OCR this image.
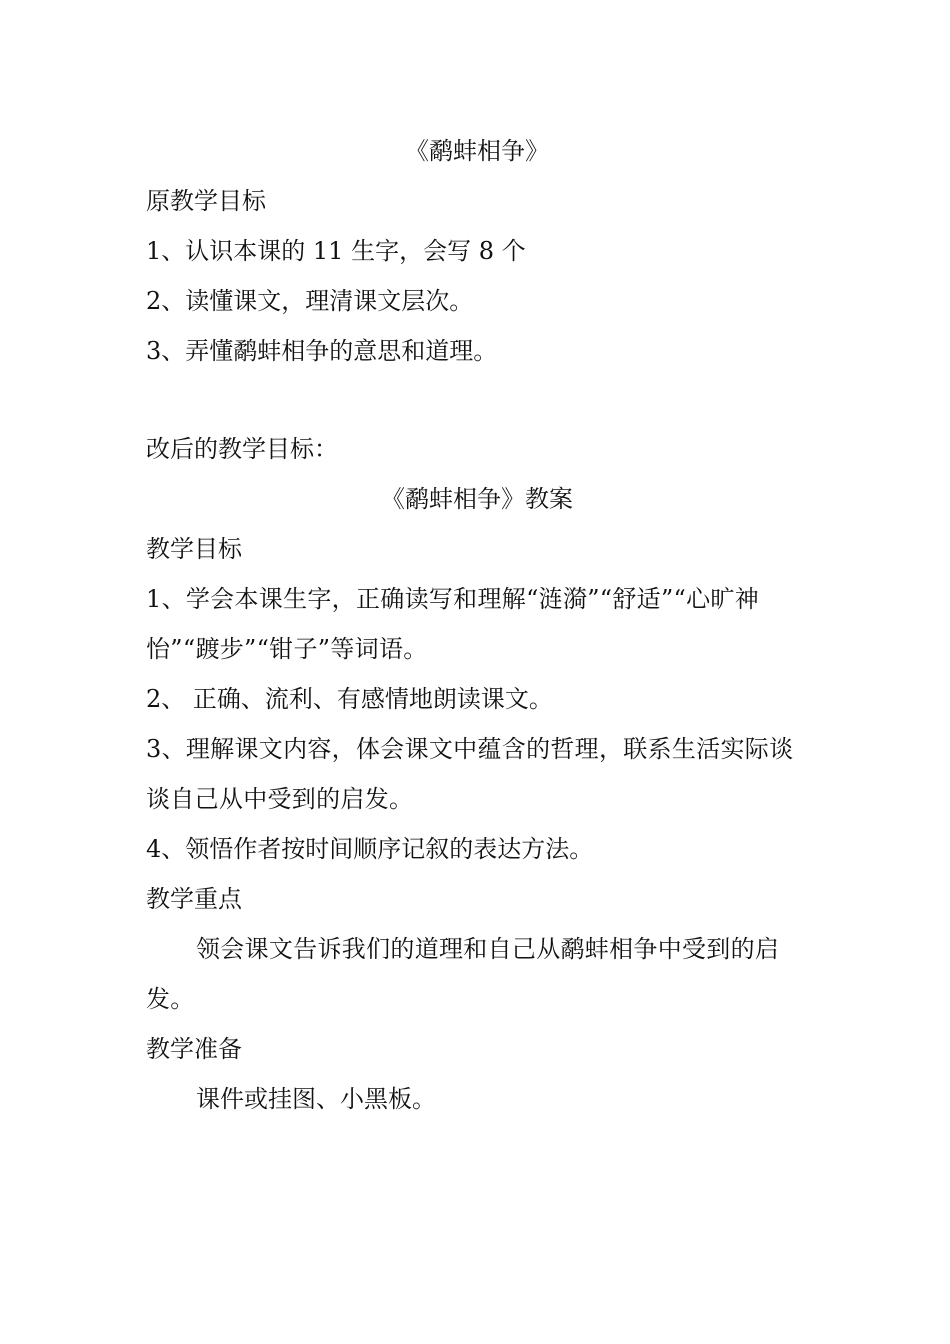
《鹬蚌相争》

原教学目标

1、认识本课的 11 生字，会写 8 个

2、读懂课文，理清课文层次。

3、弄懂鹬蚌相争的意思和道理。

改后的教学目标：

《鹬蚌相争》教案

教学目标

1、学会本课生字，正确读写和理解“涟漪”“舒适”“心旷神怡”“踱步”“钳子”等词语。

2、 正确、流利、有感情地朗读课文。

3、理解课文内容，体会课文中蕴含的哲理，联系生活实际谈谈自己从中受到的启发。

4、领悟作者按时间顺序记叙的表达方法。

教学重点

领会课文告诉我们的道理和自己从鹬蚌相争中受到的启发。

教学准备

课件或挂图、小黑板。
